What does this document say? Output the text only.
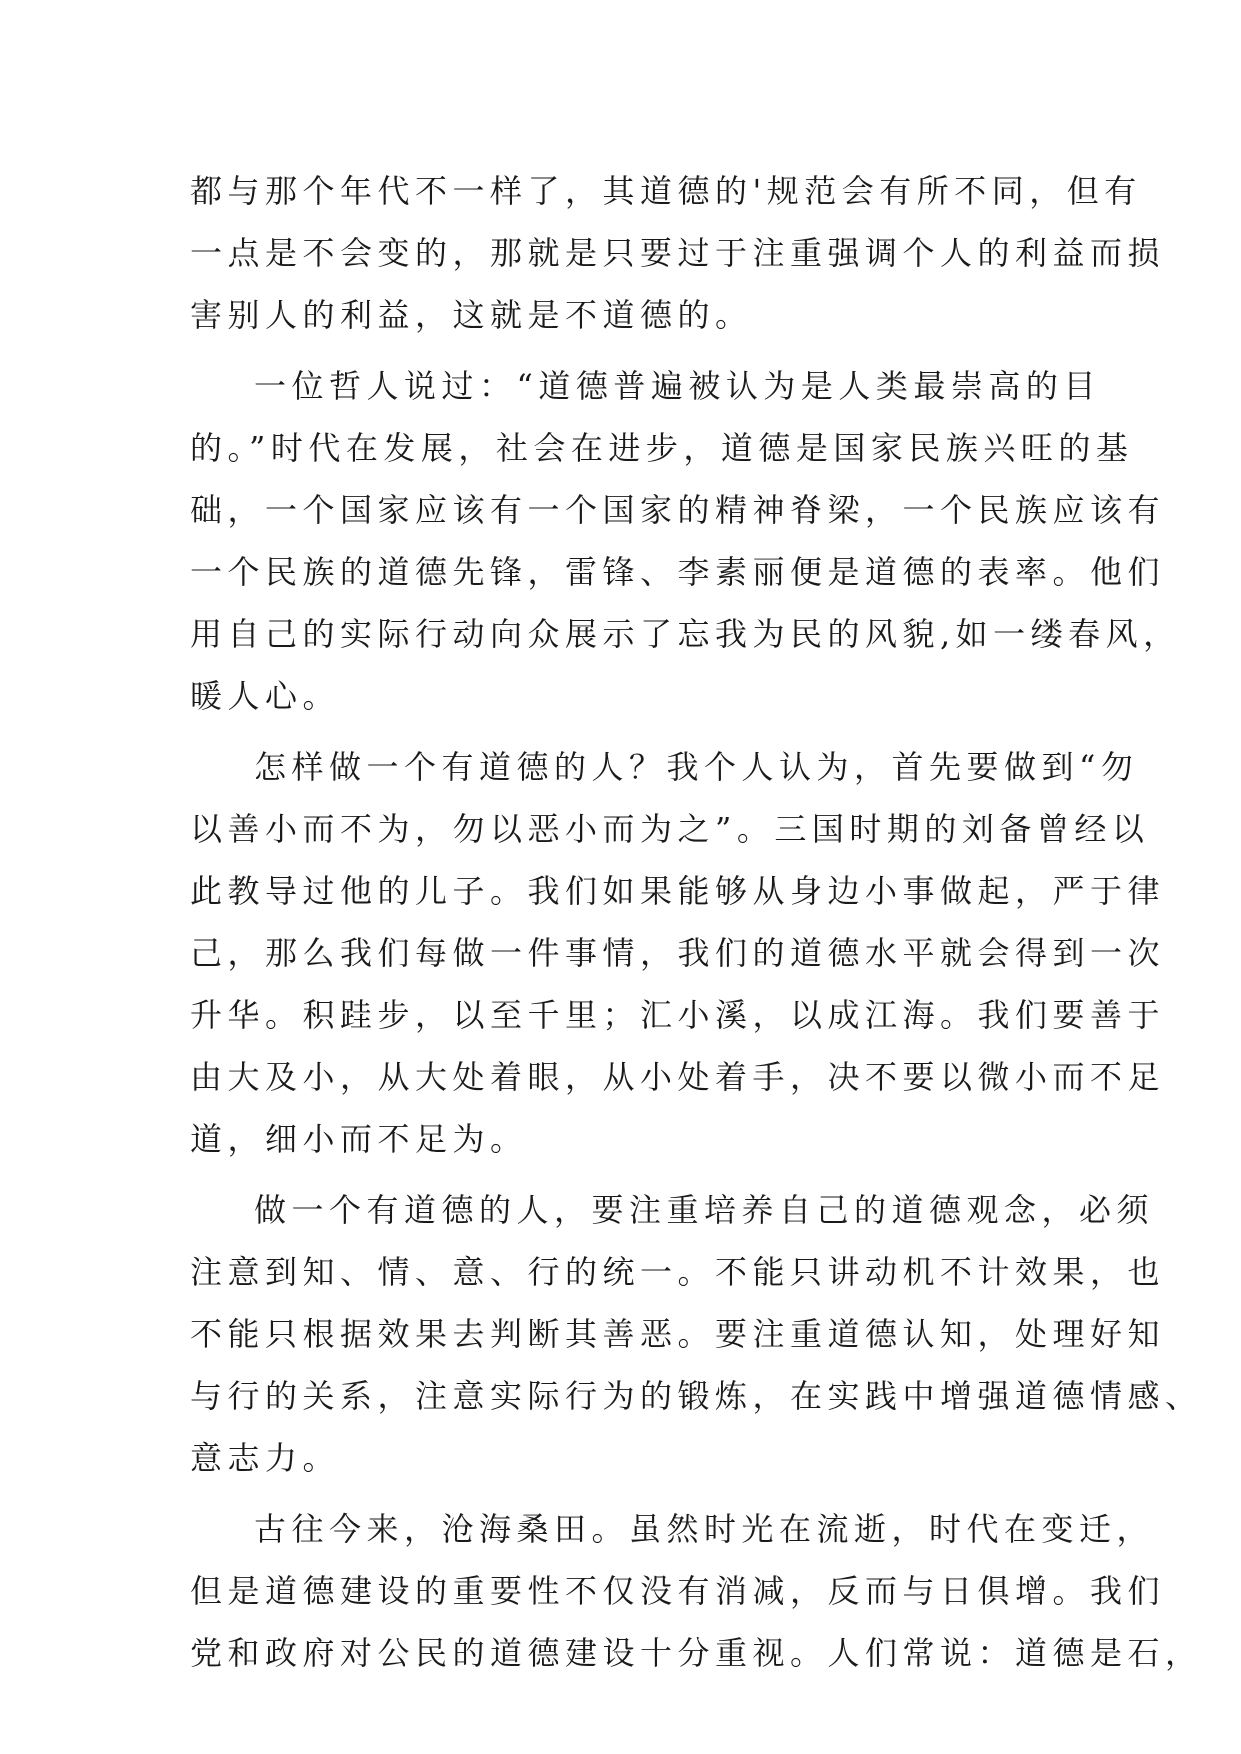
都与那个年代不一样了，其道德的'规范会有所不同，但有
一点是不会变的，那就是只要过于注重强调个人的利益而损
害别人的利益，这就是不道德的。
一位哲人说过：“道德普遍被认为是人类最崇高的目
的。”时代在发展，社会在进步，道德是国家民族兴旺的基
础，一个国家应该有一个国家的精神脊梁，一个民族应该有
一个民族的道德先锋，雷锋、李素丽便是道德的表率。他们
用自己的实际行动向众展示了忘我为民的风貌,如一缕春风，
暖人心。
怎样做一个有道德的人？我个人认为，首先要做到“勿
以善小而不为，勿以恶小而为之”。三国时期的刘备曾经以
此教导过他的儿子。我们如果能够从身边小事做起，严于律
己，那么我们每做一件事情，我们的道德水平就会得到一次
升华。积跬步，以至千里；汇小溪，以成江海。我们要善于
由大及小，从大处着眼，从小处着手，决不要以微小而不足
道，细小而不足为。
做一个有道德的人，要注重培养自己的道德观念，必须
注意到知、情、意、行的统一。不能只讲动机不计效果，也
不能只根据效果去判断其善恶。要注重道德认知，处理好知
与行的关系，注意实际行为的锻炼，在实践中增强道德情感、
意志力。
古往今来，沧海桑田。虽然时光在流逝，时代在变迁，
但是道德建设的重要性不仅没有消减，反而与日俱增。我们
党和政府对公民的道德建设十分重视。人们常说：道德是石，
